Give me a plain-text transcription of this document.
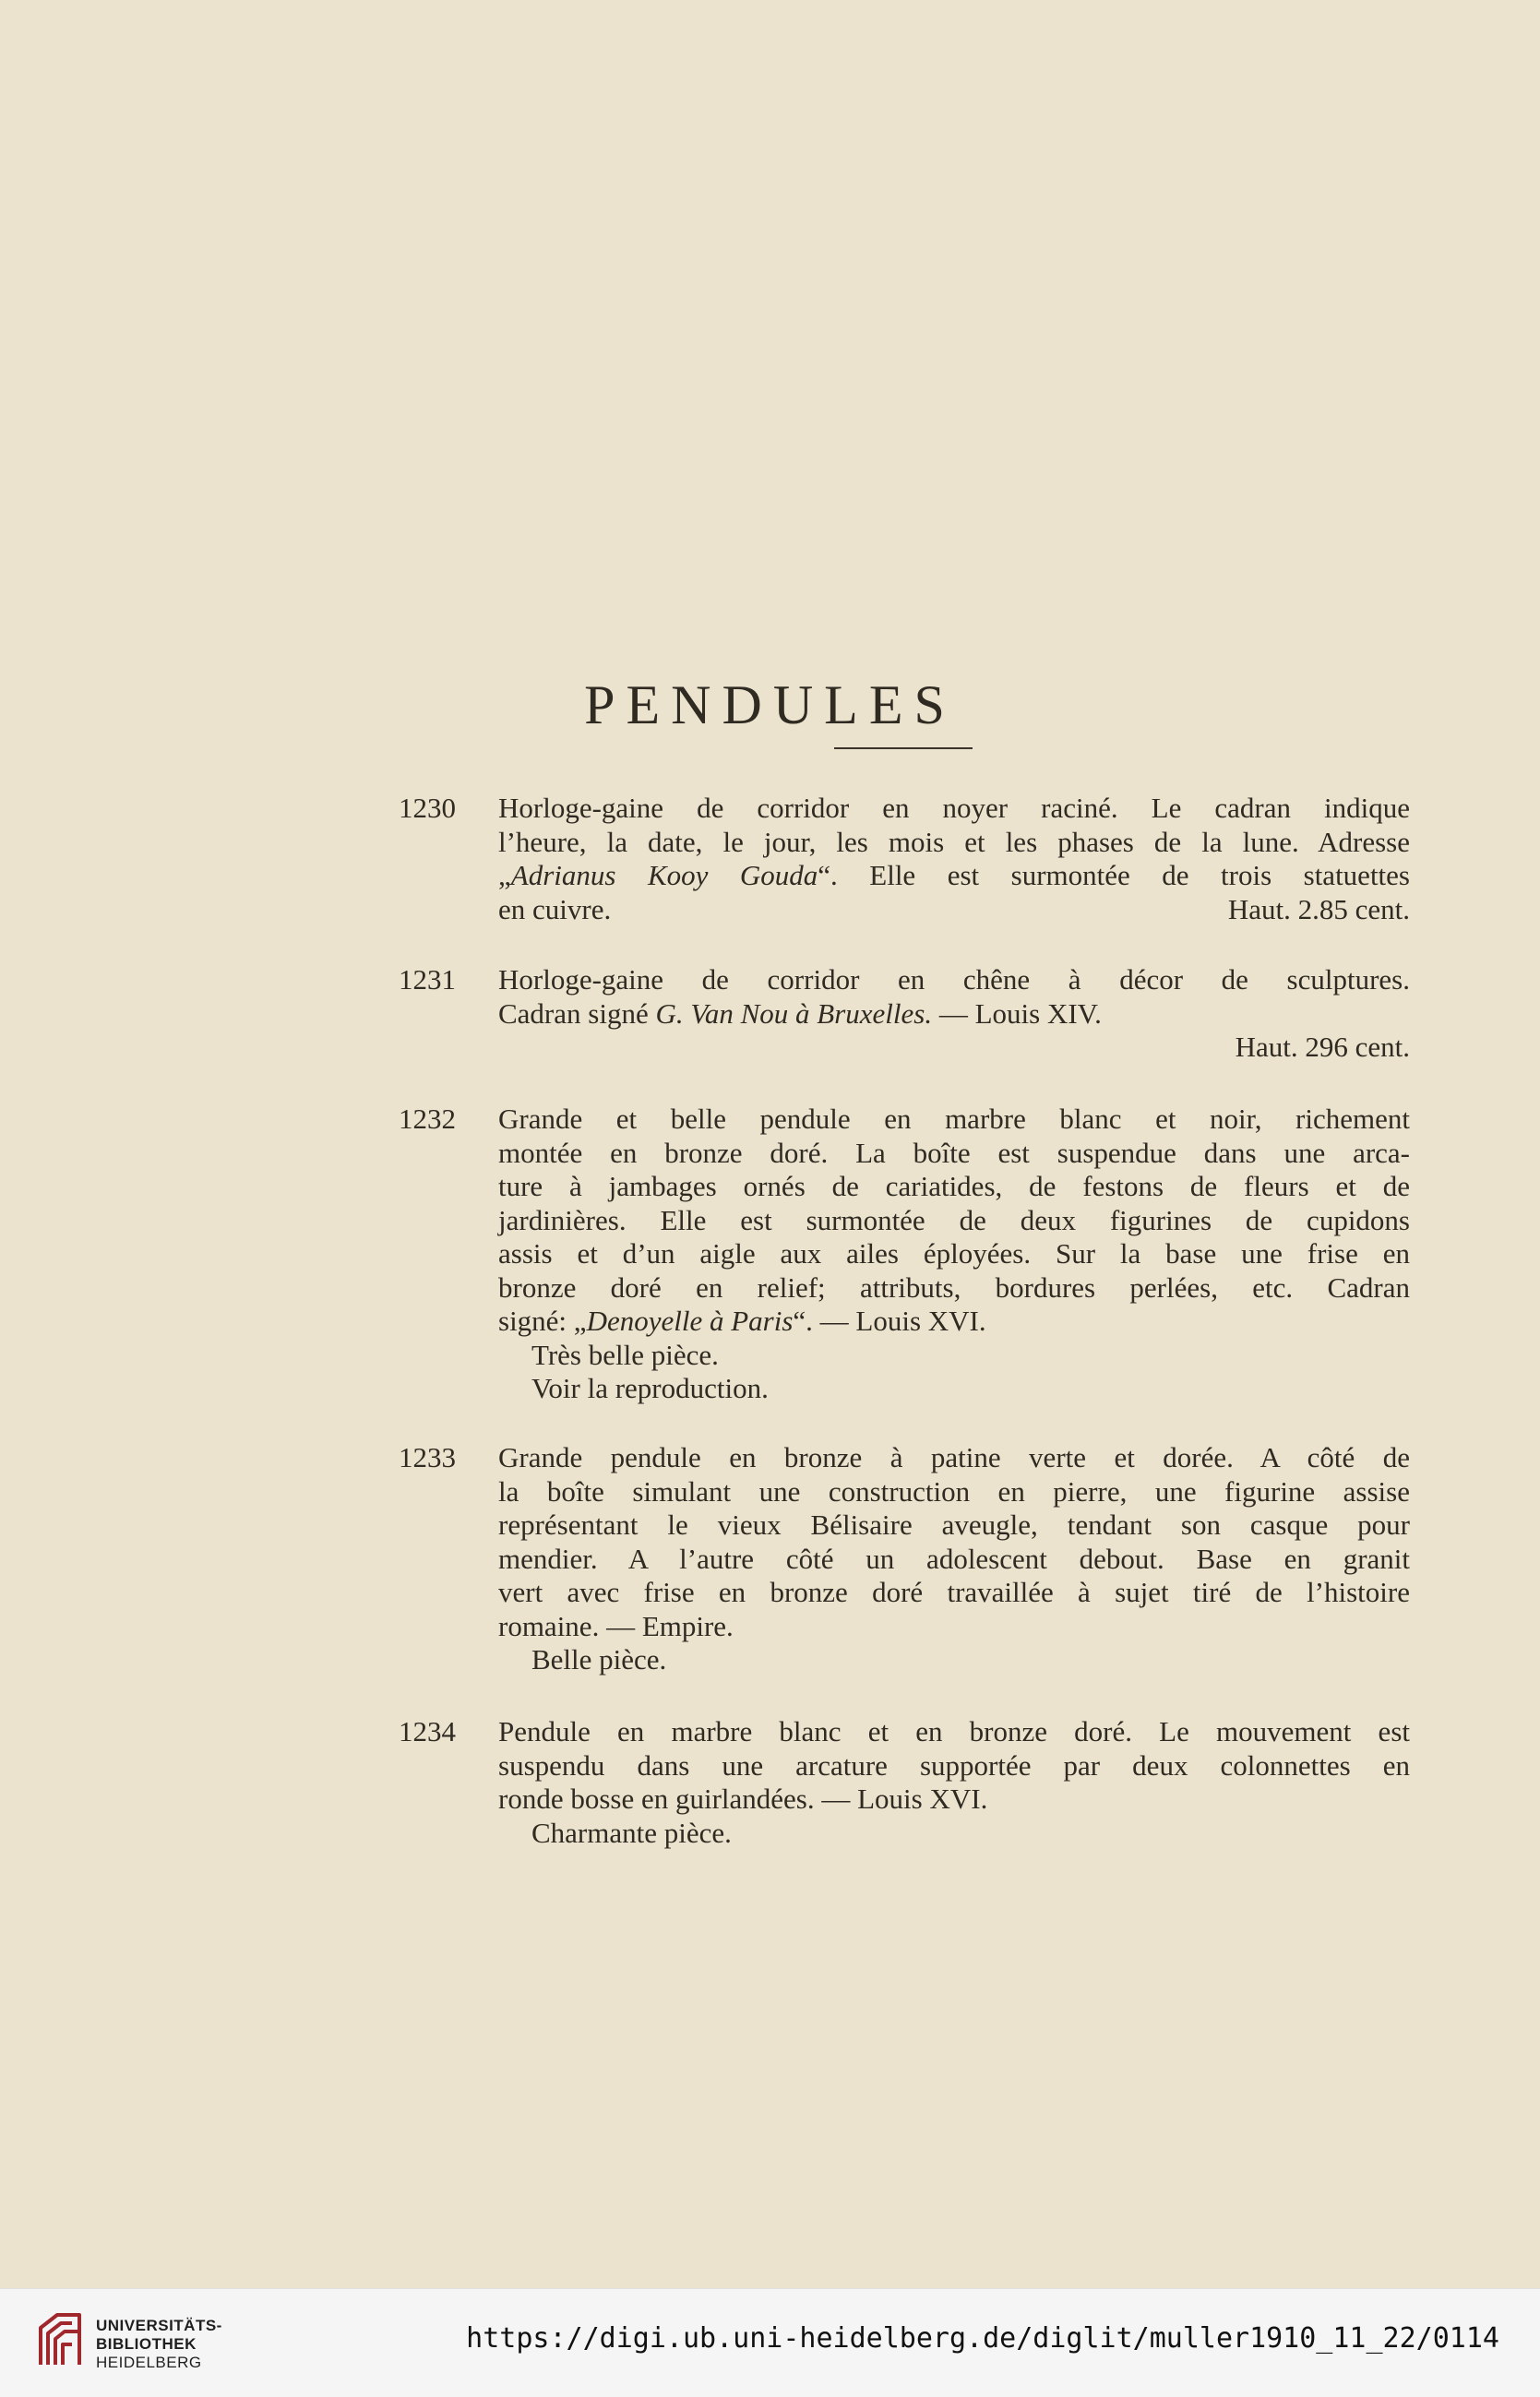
PENDULES
1230 Horloge-gaine de corridor en noyer raciné. Le cadran indique
l’heure, la date, le jour, les mois et les phases de la lune. Adresse
„Adrianus Kooy Gouda“. Elle est surmontée de trois statuettes
en cuivre.	Haut. 2.85 cent.
1231 Horloge-gaine de corridor en chêne à décor de sculptures.
Cadran signé G. Van Nou à Bruxelles. — Louis XIV.
Haut. 296 cent.
1232 Grande et belle pendule en marbre blanc et noir, richement
montée en bronze doré. La boîte est suspendue dans une arca-
ture à jambages ornés de cariatides, de festons de fleurs et de
jardinières. Elle est surmontée de deux figurines de cupidons
assis et d’un aigle aux ailes éployées. Sur la base une frise en
bronze doré en relief; attributs, bordures perlées, etc. Cadran
signé: „Denoyelle à Paris“. — Louis XVI.
Très belle pièce.
Voir la reproduction.
1233 Grande pendule en bronze à patine verte et dorée. A côté de
la boîte simulant une construction en pierre, une figurine assise
représentant le vieux Bélisaire aveugle, tendant son casque pour
mendier. A l’autre côté un adolescent debout. Base en granit
vert avec frise en bronze doré travaillée à sujet tiré de l’histoire
romaine. — Empire.
Belle pièce.
1234 Pendule en marbre blanc et en bronze doré. Le mouvement est
suspendu dans une arcature supportée par deux colonnettes en
ronde bosse en guirlandées. — Louis XVI.
Charmante pièce.
UNIVERSITÄTS-
BIBLIOTHEK
HEIDELBERG
https://digi.ub.uni-heidelberg.de/diglit/muller1910_11_22/0114
